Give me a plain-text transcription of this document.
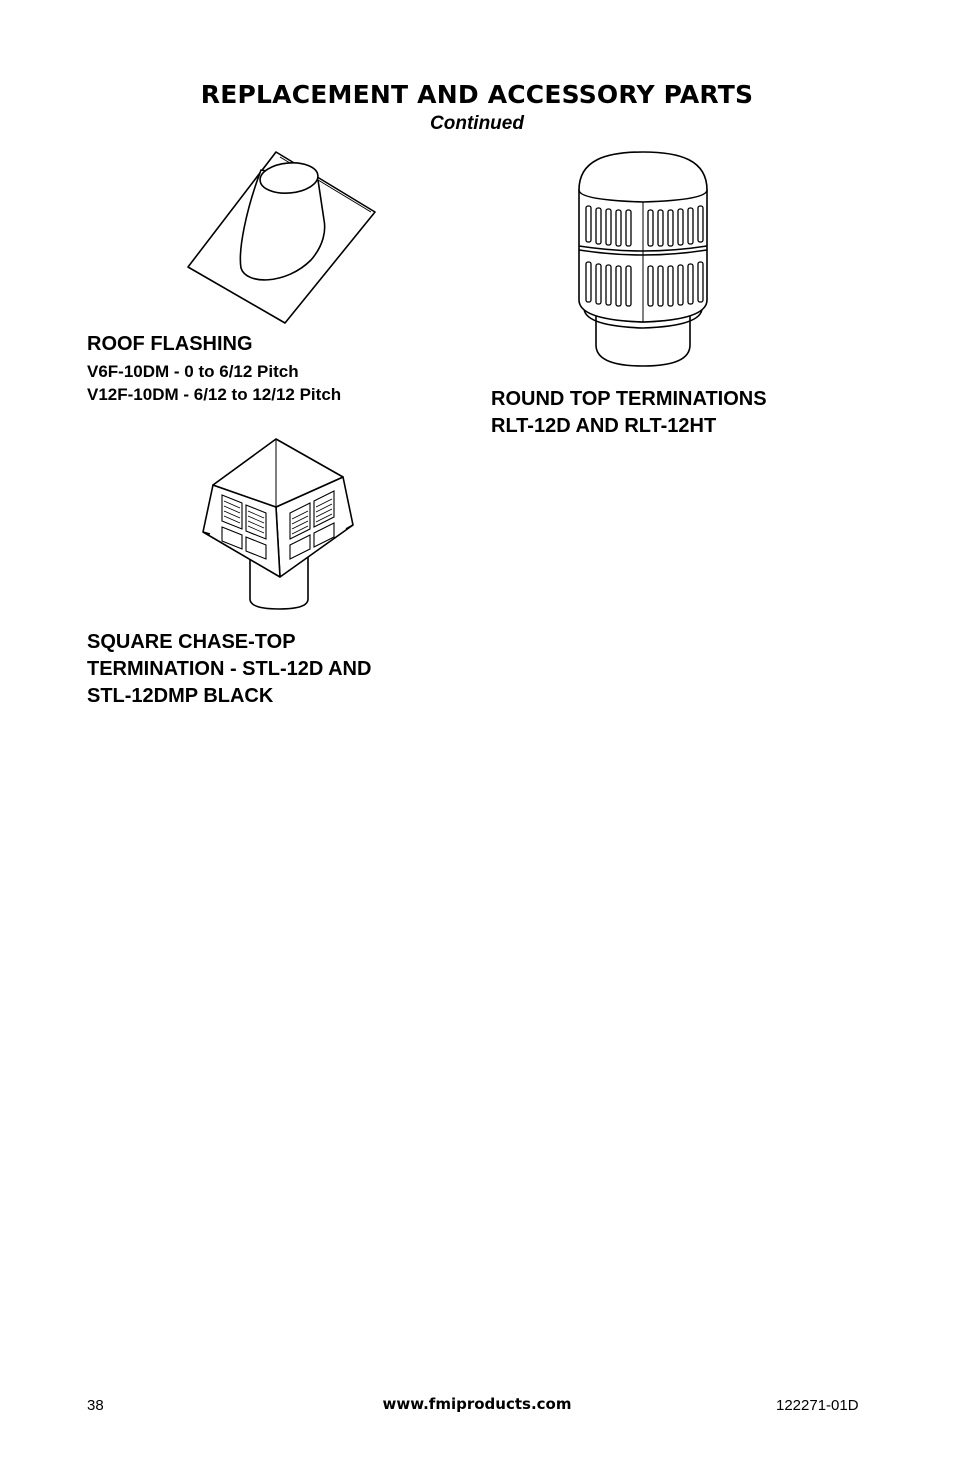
REPLACEMENT AND ACCESSORY PARTS
Continued
ROOF FLASHING
V6F-10DM - 0 to 6/12 Pitch
V12F-10DM - 6/12 to 12/12 Pitch	ROUND TOP TERMINATIONS
RLT-12D AND RLT-12HT
SQUARE CHASE-TOP
TERMINATION - STL-12D AND
STL-12DMP BLACK
38	www.fmiproducts.com	122271-01D
